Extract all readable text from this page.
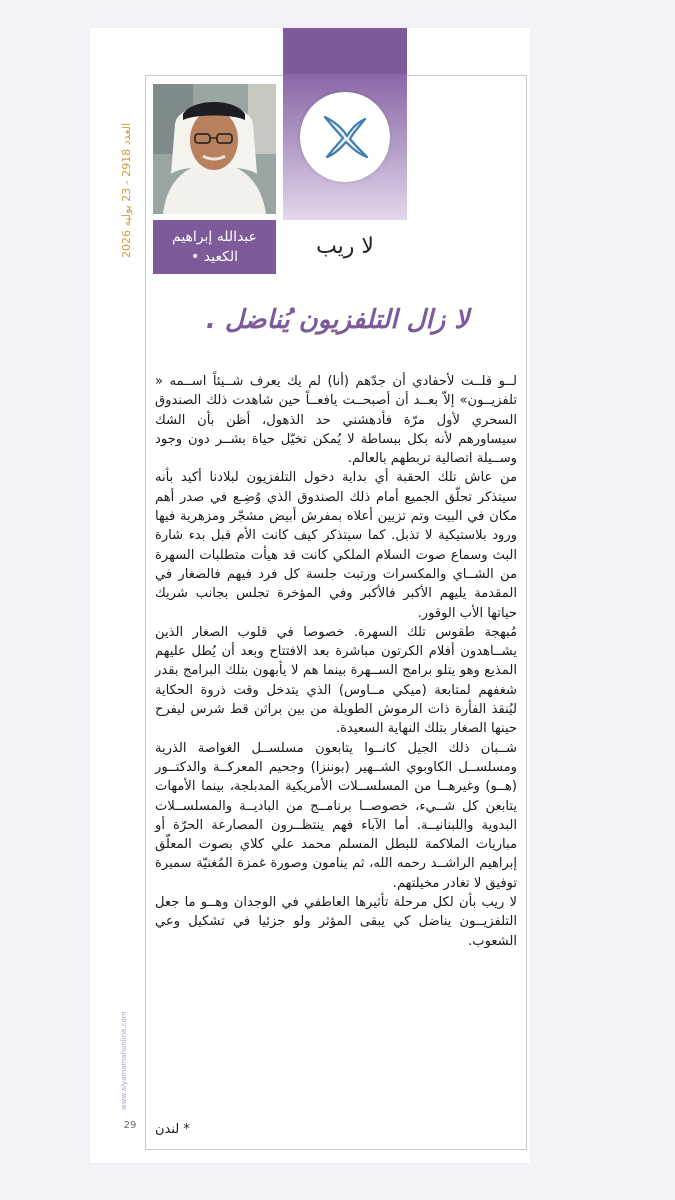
لا ريب
عبدالله إبراهيم
الكعيد •
العدد 2918 - 23 يوليه 2026
www.alyamamahonline.com
29
لا زال التلفزيون يُناضل .

لــو قلــت لأحفادي أن جدّهم (أنا) لم يك يعرف شــيئاً اســمه « تلفزيــون» إلاّ بعــد أن أصبحــت يافعــاً حين شاهدت ذلك الصندوق السحري لأول مرّة فأدهشني حد الذهول، أظن بأن الشك سيساورهم لأنه بكل ببساطة لا يُمكن تخيّل حياة بشــر دون وجود وســيلة اتصالية تربطهم بالعالم.

من عاش تلك الحقبة أي بداية دخول التلفزيون لبلادنا أكيد بأنه سيتذكر تحلّق الجميع أمام ذلك الصندوق الذي وُضِـع في صدر أهم مكان في البيت وتم تزيين أعلاه بمفرش أبيض مشجّر ومزهرية فيها ورود بلاستيكية لا تذبل. كما سيتذكر كيف كانت الأم قبل بدء شارة البث وسماع صوت السلام الملكي كانت قد هيأت متطلبات السهرة من الشــاي والمكسرات ورتبت جلسة كل فرد فيهم فالصغار في المقدمة يليهم الأكبر فالأكبر وفي المؤخرة تجلس بجانب شريك حياتها الأب الوقور.

مُبهجة طقوس تلك السهرة. خصوصا في قلوب الصغار الذين يشــاهدون أفلام الكرتون مباشرة بعد الافتتاح وبعد أن يُطل عليهم المذيع وهو يتلو برامج الســهرة بينما هم لا يأبهون بتلك البرامج بقدر شغفهم لمتابعة (ميكي مــاوس) الذي يتدخل وقت ذروة الحكاية ليُنقذ الفأرة ذات الرموش الطويلة من بين براثن قط شرس ليفرح حينها الصغار بتلك النهاية السعيدة.

شــبان ذلك الجيل كانــوا يتابعون مسلســل الغواصة الذرية ومسلســل الكاوبوي الشــهير (بوننزا) وجحيم المعركــة والدكتــور (هــو) وغيرهــا من المسلســلات الأمريكية المدبلجة، بينما الأمهات يتابعن كل شــيء، خصوصــا برنامــج من الباديــة والمسلســلات البدوية واللبنانيــة. أما الآباء فهم ينتظــرون المصارعة الحرّة أو مباريات الملاكمة للبطل المسلم محمد علي كلاي بصوت المعلّق إبراهيم الراشــد رحمه الله، ثم ينامون وصورة غمزة المُغنيّة سميرة توفيق لا تغادر مخيلتهم.

لا ريب بأن لكل مرحلة تأثيرها العاطفي في الوجدان وهــو ما جعل التلفزيــون يناضل كي يبقى المؤثر ولو جزئيا في تشكيل وعي الشعوب.

* لندن
